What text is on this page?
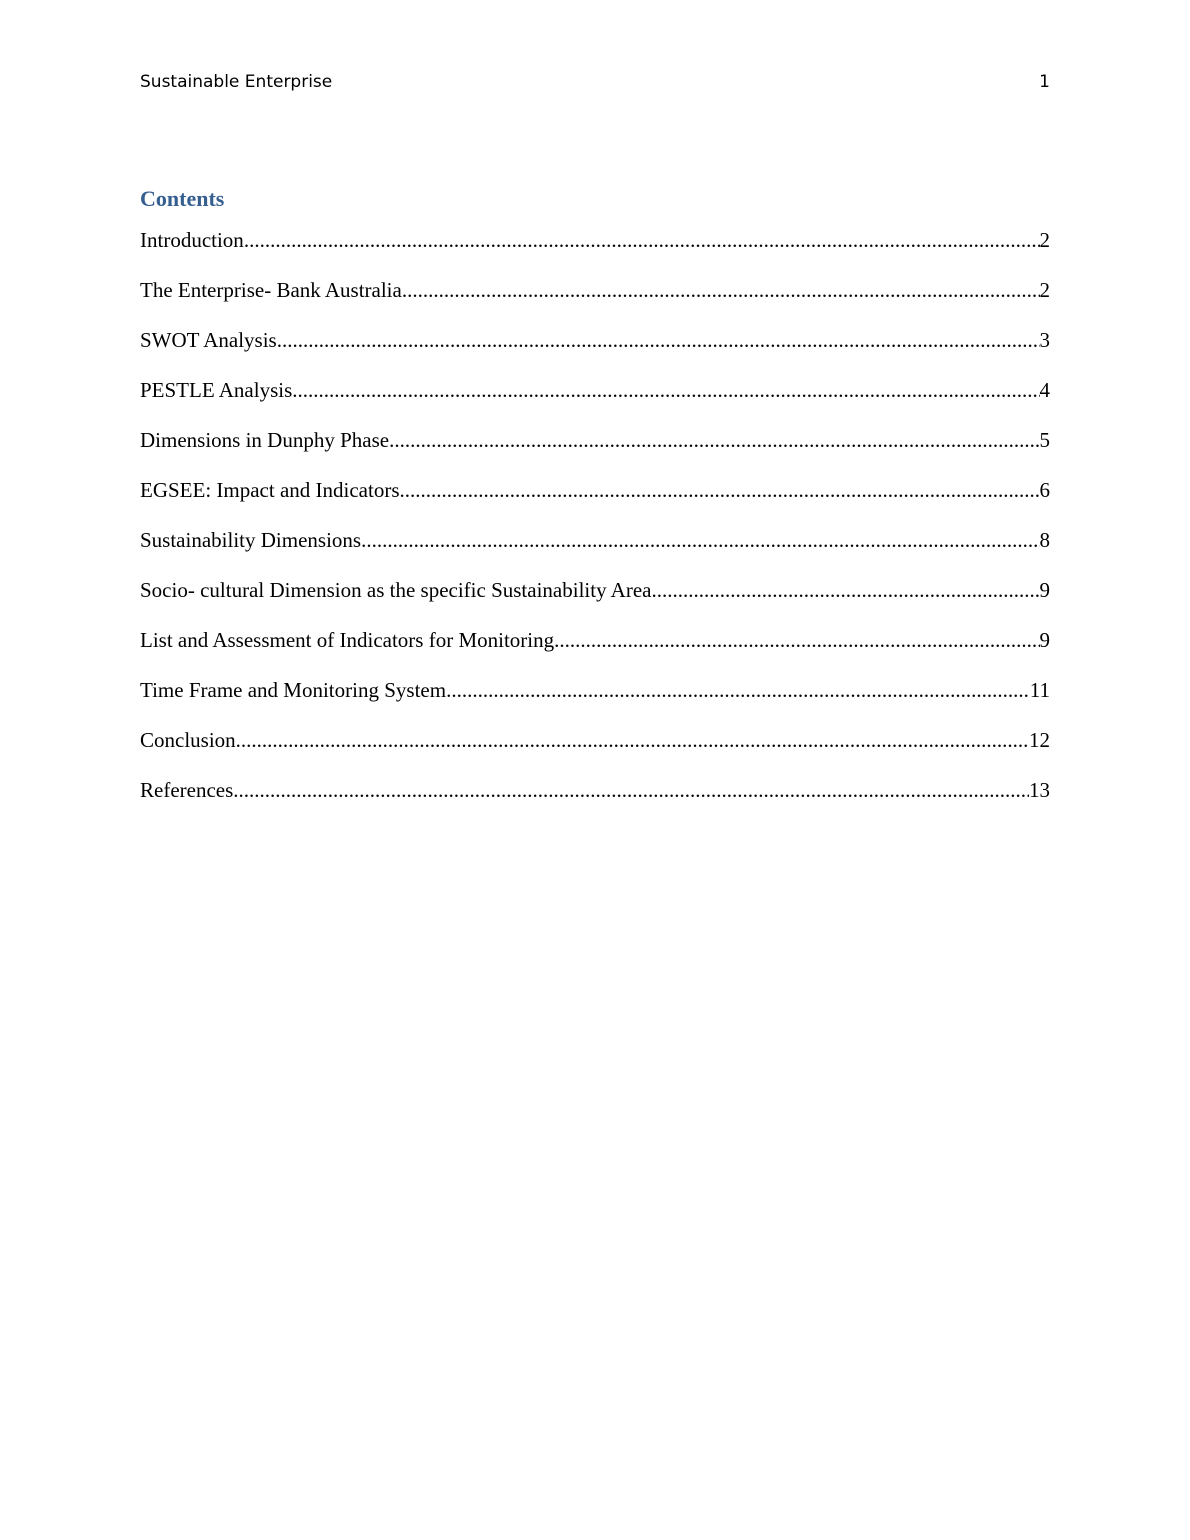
Sustainable Enterprise	1
Contents
Introduction .....	2
The Enterprise- Bank Australia .....	2
SWOT Analysis .....	3
PESTLE Analysis .....	4
Dimensions in Dunphy Phase .....	5
EGSEE: Impact and Indicators .....	6
Sustainability Dimensions .....	8
Socio- cultural Dimension as the specific Sustainability Area .....	9
List and Assessment of Indicators for Monitoring .....	9
Time Frame and Monitoring System .....	11
Conclusion .....	12
References .....	13
